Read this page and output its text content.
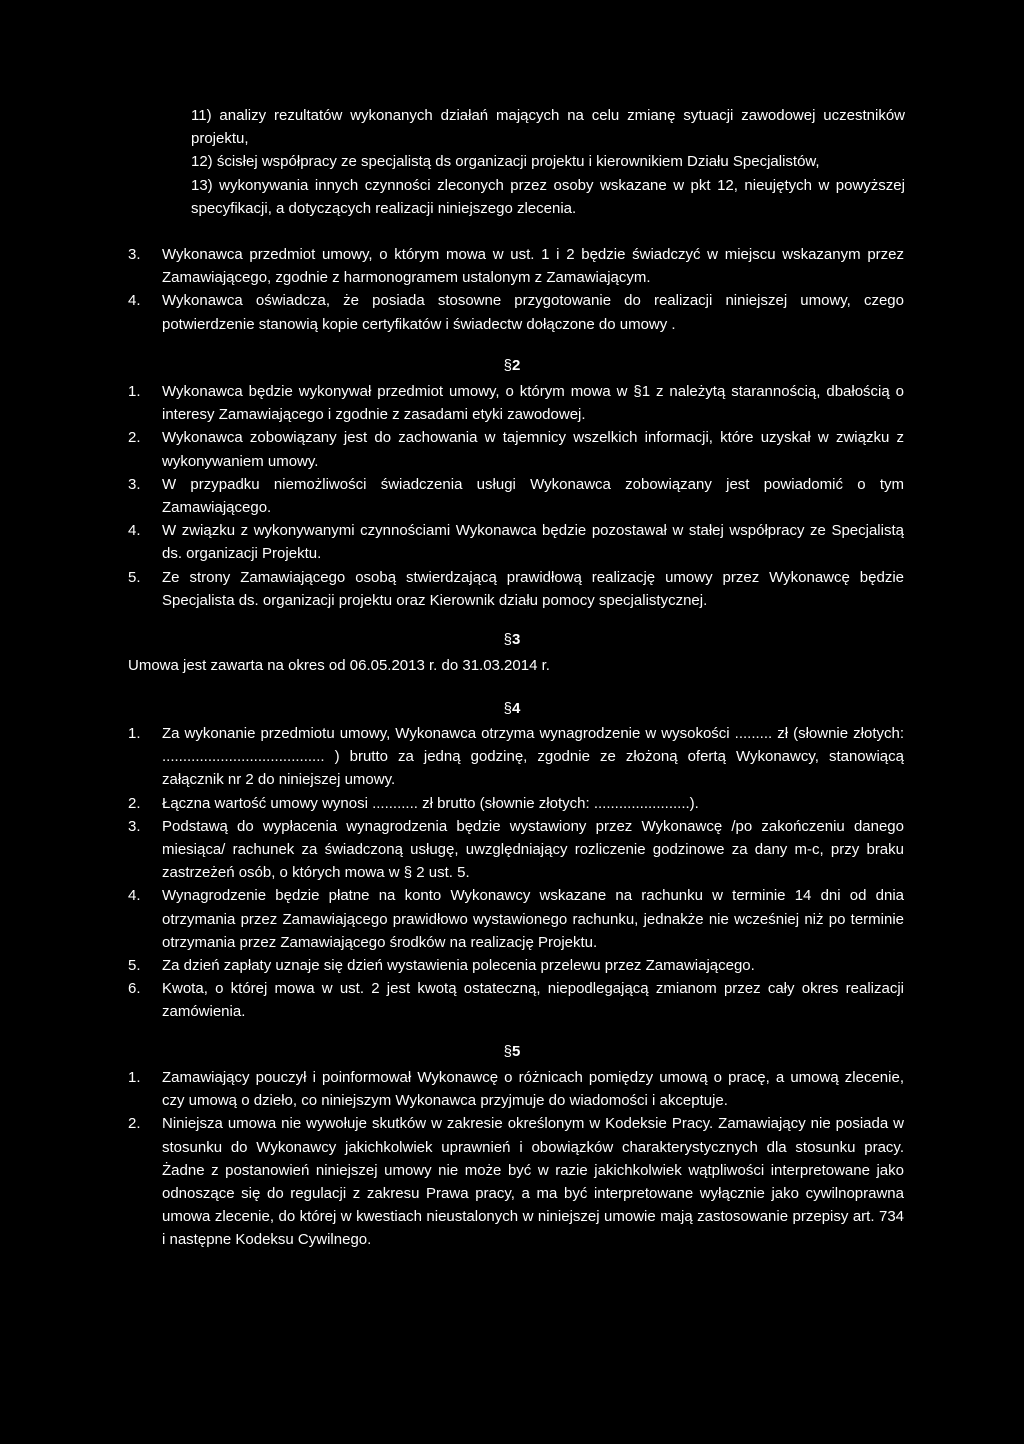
11) analizy rezultatów wykonanych działań mających na celu zmianę sytuacji zawodowej uczestników projektu,
12) ścisłej współpracy ze specjalistą ds organizacji projektu i kierownikiem Działu Specjalistów,
13) wykonywania innych czynności zleconych przez osoby wskazane w pkt 12, nieujętych w powyższej specyfikacji, a dotyczących realizacji niniejszego zlecenia.
3. Wykonawca przedmiot umowy, o którym mowa w ust. 1 i 2 będzie świadczyć w miejscu wskazanym przez Zamawiającego, zgodnie z harmonogramem ustalonym z Zamawiającym.
4. Wykonawca oświadcza, że posiada stosowne przygotowanie do realizacji niniejszej umowy, czego potwierdzenie stanowią kopie certyfikatów i świadectw dołączone do umowy .
§2
1. Wykonawca będzie wykonywał przedmiot umowy, o którym mowa w §1 z należytą starannością, dbałością o interesy Zamawiającego i zgodnie z zasadami etyki zawodowej.
2. Wykonawca zobowiązany jest do zachowania w tajemnicy wszelkich informacji, które uzyskał w związku z wykonywaniem umowy.
3. W przypadku niemożliwości świadczenia usługi Wykonawca zobowiązany jest powiadomić o tym Zamawiającego.
4. W związku z wykonywanymi czynnościami Wykonawca będzie pozostawał w stałej współpracy ze Specjalistą ds. organizacji Projektu.
5. Ze strony Zamawiającego osobą stwierdzającą prawidłową realizację umowy przez Wykonawcę będzie Specjalista ds. organizacji projektu oraz Kierownik działu pomocy specjalistycznej.
§3
Umowa jest zawarta na okres od 06.05.2013 r. do 31.03.2014 r.
§4
1. Za wykonanie przedmiotu umowy, Wykonawca otrzyma wynagrodzenie w wysokości ......... zł (słownie złotych: ....................................... ) brutto za jedną godzinę, zgodnie ze złożoną ofertą Wykonawcy, stanowiącą załącznik nr 2 do niniejszej umowy.
2. Łączna wartość umowy wynosi ........... zł brutto (słownie złotych: .......................).
3. Podstawą do wypłacenia wynagrodzenia będzie wystawiony przez Wykonawcę /po zakończeniu danego miesiąca/ rachunek za świadczoną usługę, uwzględniający rozliczenie godzinowe za dany m-c, przy braku zastrzeżeń osób, o których mowa w § 2 ust. 5.
4. Wynagrodzenie będzie płatne na konto Wykonawcy wskazane na rachunku w terminie 14 dni od dnia otrzymania przez Zamawiającego prawidłowo wystawionego rachunku, jednakże nie wcześniej niż po terminie otrzymania przez Zamawiającego środków na realizację Projektu.
5. Za dzień zapłaty uznaje się dzień wystawienia polecenia przelewu przez Zamawiającego.
6. Kwota, o której mowa w ust. 2 jest kwotą ostateczną, niepodlegającą zmianom przez cały okres realizacji zamówienia.
§5
1. Zamawiający pouczył i poinformował Wykonawcę o różnicach pomiędzy umową o pracę, a umową zlecenie, czy umową o dzieło, co niniejszym Wykonawca przyjmuje do wiadomości i akceptuje.
2. Niniejsza umowa nie wywołuje skutków w zakresie określonym w Kodeksie Pracy. Zamawiający nie posiada w stosunku do Wykonawcy jakichkolwiek uprawnień i obowiązków charakterystycznych dla stosunku pracy. Żadne z postanowień niniejszej umowy nie może być w razie jakichkolwiek wątpliwości interpretowane jako odnoszące się do regulacji z zakresu Prawa pracy, a ma być interpretowane wyłącznie jako cywilnoprawna umowa zlecenie, do której w kwestiach nieustalonych w niniejszej umowie mają zastosowanie przepisy art. 734 i następne Kodeksu Cywilnego.
